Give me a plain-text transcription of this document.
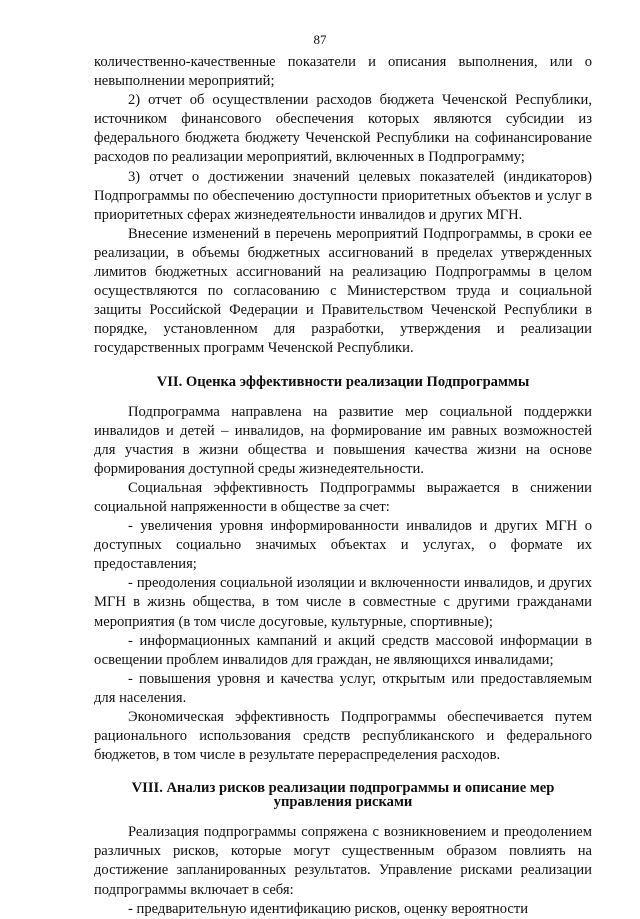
87

количественно-качественные показатели и описания выполнения, или о невыполнении мероприятий;

2) отчет об осуществлении расходов бюджета Чеченской Республики, источником финансового обеспечения которых являются субсидии из федерального бюджета бюджету Чеченской Республики на софинансирование расходов по реализации мероприятий, включенных в Подпрограмму;

3) отчет о достижении значений целевых показателей (индикаторов) Подпрограммы по обеспечению доступности приоритетных объектов и услуг в приоритетных сферах жизнедеятельности инвалидов и других МГН.

Внесение изменений в перечень мероприятий Подпрограммы, в сроки ее реализации, в объемы бюджетных ассигнований в пределах утвержденных лимитов бюджетных ассигнований на реализацию Подпрограммы в целом осуществляются по согласованию с Министерством труда и социальной защиты Российской Федерации и Правительством Чеченской Республики в порядке, установленном для разработки, утверждения и реализации государственных программ Чеченской Республики.

VII. Оценка эффективности реализации Подпрограммы

Подпрограмма направлена на развитие мер социальной поддержки инвалидов и детей – инвалидов, на формирование им равных возможностей для участия в жизни общества и повышения качества жизни на основе формирования доступной среды жизнедеятельности.

Социальная эффективность Подпрограммы выражается в снижении социальной напряженности в обществе за счет:

- увеличения уровня информированности инвалидов и других МГН о доступных социально значимых объектах и услугах, о формате их предоставления;

- преодоления социальной изоляции и включенности инвалидов, и других МГН в жизнь общества, в том числе в совместные с другими гражданами мероприятия (в том числе досуговые, культурные, спортивные);

- информационных кампаний и акций средств массовой информации в освещении проблем инвалидов для граждан, не являющихся инвалидами;

- повышения уровня и качества услуг, открытым или предоставляемым для населения.

Экономическая эффективность Подпрограммы обеспечивается путем рационального использования средств республиканского и федерального бюджетов, в том числе в результате перераспределения расходов.

VIII. Анализ рисков реализации подпрограммы и описание мер
управления рисками

Реализация подпрограммы сопряжена с возникновением и преодолением различных рисков, которые могут существенным образом повлиять на достижение запланированных результатов. Управление рисками реализации подпрограммы включает в себя:

- предварительную идентификацию рисков, оценку вероятности
